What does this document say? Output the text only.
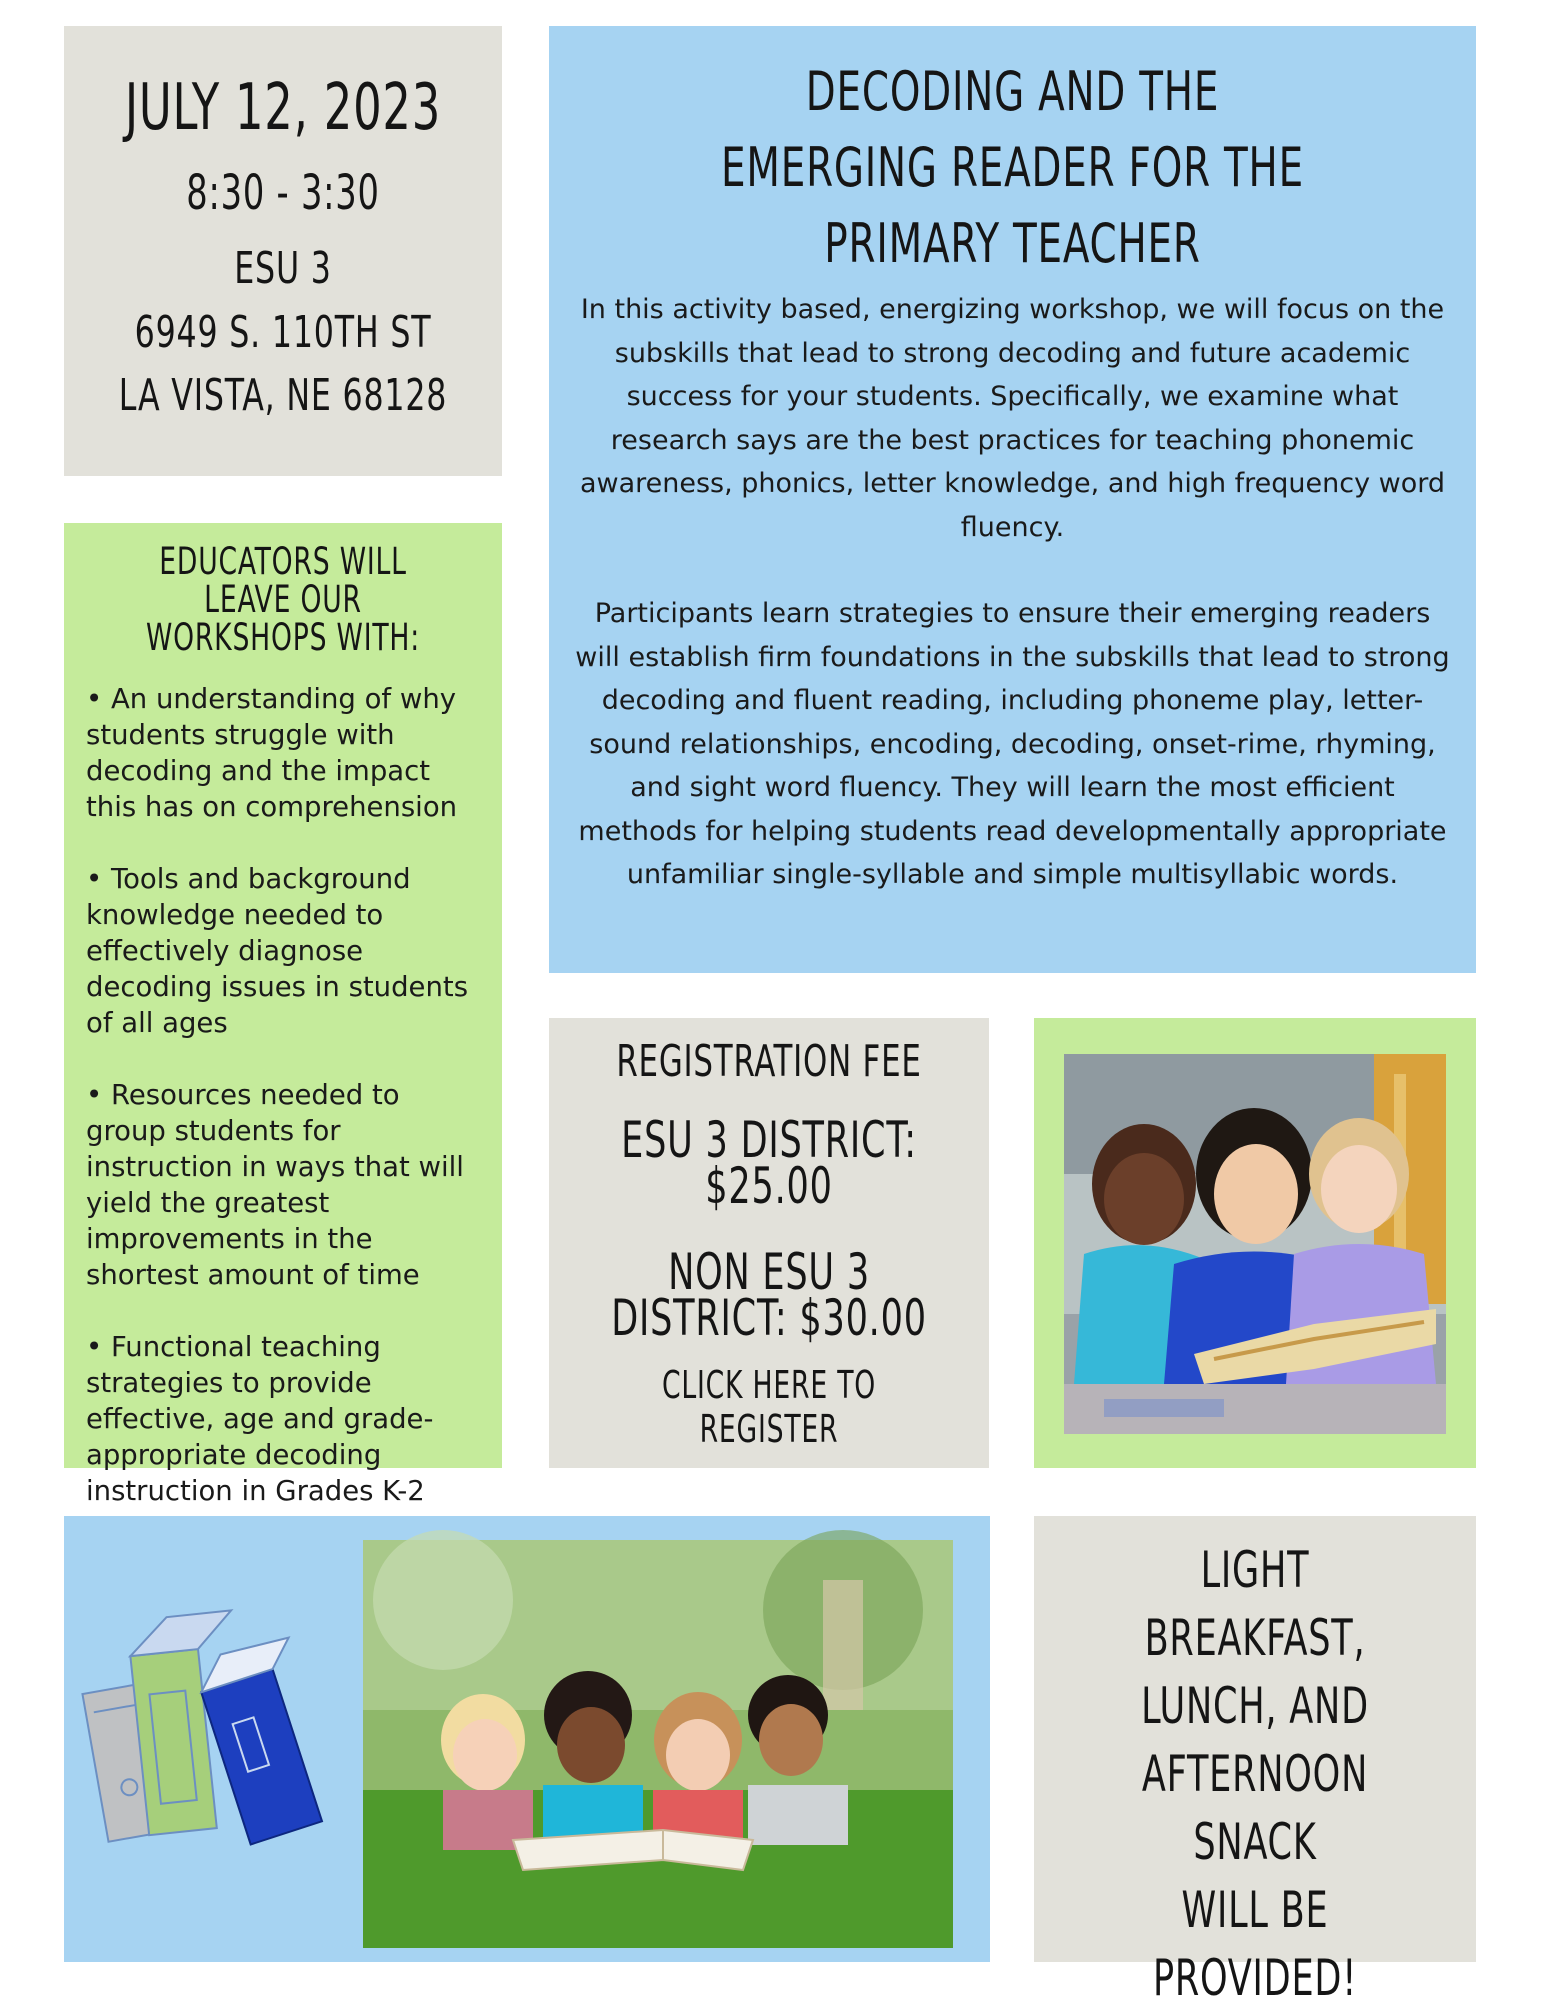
JULY 12, 2023
8:30 - 3:30
ESU 3
6949 S. 110TH ST
LA VISTA, NE 68128
DECODING AND THE
EMERGING READER FOR THE
PRIMARY TEACHER

In this activity based, energizing workshop, we will focus on the subskills that lead to strong decoding and future academic success for your students. Specifically, we examine what research says are the best practices for teaching phonemic awareness, phonics, letter knowledge, and high frequency word fluency.

Participants learn strategies to ensure their emerging readers will establish firm foundations in the subskills that lead to strong decoding and fluent reading, including phoneme play, letter-sound relationships, encoding, decoding, onset-rime, rhyming, and sight word fluency. They will learn the most efficient methods for helping students read developmentally appropriate unfamiliar single-syllable and simple multisyllabic words.

EDUCATORS WILL LEAVE OUR WORKSHOPS WITH:
• An understanding of why students struggle with decoding and the impact this has on comprehension
• Tools and background knowledge needed to effectively diagnose decoding issues in students of all ages
• Resources needed to group students for instruction in ways that will yield the greatest improvements in the shortest amount of time
• Functional teaching strategies to provide effective, age and grade-appropriate decoding instruction in Grades K-2
REGISTRATION FEE
ESU 3 DISTRICT: $25.00
NON ESU 3 DISTRICT: $30.00
CLICK HERE TO REGISTER
LIGHT
BREAKFAST,
LUNCH, AND
AFTERNOON SNACK
WILL BE
PROVIDED!
